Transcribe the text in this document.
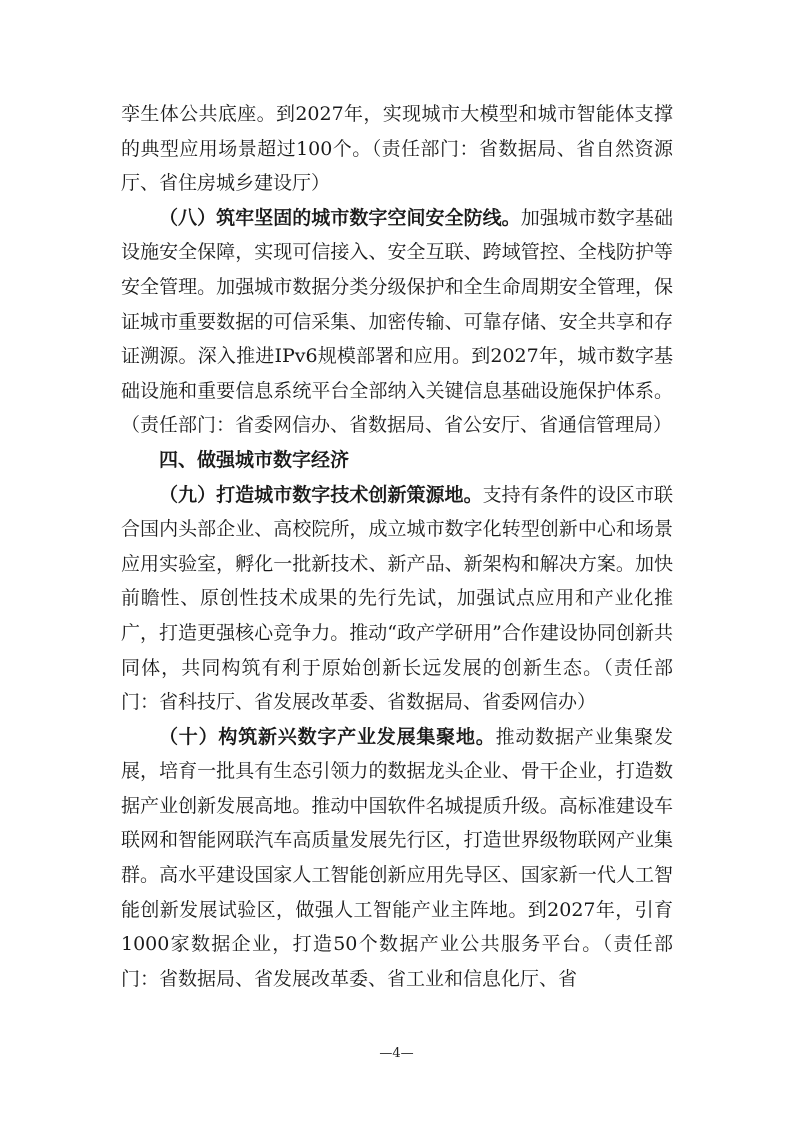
孪生体公共底座。到2027年，实现城市大模型和城市智能体支撑的典型应用场景超过100个。（责任部门：省数据局、省自然资源厅、省住房城乡建设厅）

（八）筑牢坚固的城市数字空间安全防线。加强城市数字基础设施安全保障，实现可信接入、安全互联、跨域管控、全栈防护等安全管理。加强城市数据分类分级保护和全生命周期安全管理，保证城市重要数据的可信采集、加密传输、可靠存储、安全共享和存证溯源。深入推进IPv6规模部署和应用。到2027年，城市数字基础设施和重要信息系统平台全部纳入关键信息基础设施保护体系。（责任部门：省委网信办、省数据局、省公安厅、省通信管理局）

四、做强城市数字经济

（九）打造城市数字技术创新策源地。支持有条件的设区市联合国内头部企业、高校院所，成立城市数字化转型创新中心和场景应用实验室，孵化一批新技术、新产品、新架构和解决方案。加快前瞻性、原创性技术成果的先行先试，加强试点应用和产业化推广，打造更强核心竞争力。推动“政产学研用”合作建设协同创新共同体，共同构筑有利于原始创新长远发展的创新生态。（责任部门：省科技厅、省发展改革委、省数据局、省委网信办）

（十）构筑新兴数字产业发展集聚地。推动数据产业集聚发展，培育一批具有生态引领力的数据龙头企业、骨干企业，打造数据产业创新发展高地。推动中国软件名城提质升级。高标准建设车联网和智能网联汽车高质量发展先行区，打造世界级物联网产业集群。高水平建设国家人工智能创新应用先导区、国家新一代人工智能创新发展试验区，做强人工智能产业主阵地。到2027年，引育1000家数据企业，打造50个数据产业公共服务平台。（责任部门：省数据局、省发展改革委、省工业和信息化厅、省

—4—
